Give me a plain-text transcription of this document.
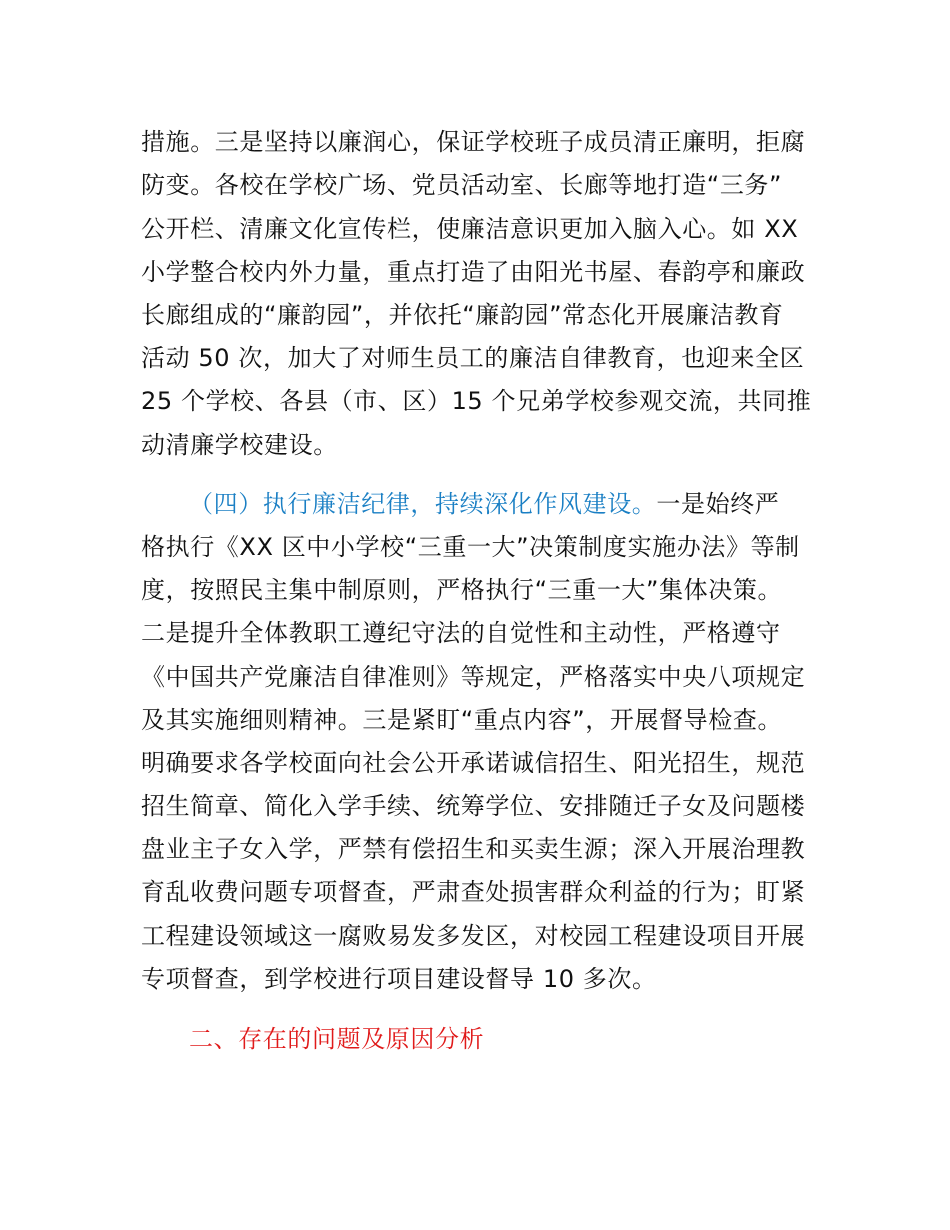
措施。三是坚持以廉润心，保证学校班子成员清正廉明，拒腐
防变。各校在学校广场、党员活动室、长廊等地打造“三务”
公开栏、清廉文化宣传栏，使廉洁意识更加入脑入心。如 XX
小学整合校内外力量，重点打造了由阳光书屋、春韵亭和廉政
长廊组成的“廉韵园”，并依托“廉韵园”常态化开展廉洁教育
活动 50 次，加大了对师生员工的廉洁自律教育，也迎来全区
25 个学校、各县（市、区）15 个兄弟学校参观交流，共同推
动清廉学校建设。
（四）执行廉洁纪律，持续深化作风建设。一是始终严
格执行《XX 区中小学校“三重一大”决策制度实施办法》等制
度，按照民主集中制原则，严格执行“三重一大”集体决策。
二是提升全体教职工遵纪守法的自觉性和主动性，严格遵守
《中国共产党廉洁自律准则》等规定，严格落实中央八项规定
及其实施细则精神。三是紧盯“重点内容”，开展督导检查。
明确要求各学校面向社会公开承诺诚信招生、阳光招生，规范
招生简章、简化入学手续、统筹学位、安排随迁子女及问题楼
盘业主子女入学，严禁有偿招生和买卖生源；深入开展治理教
育乱收费问题专项督查，严肃查处损害群众利益的行为；盯紧
工程建设领域这一腐败易发多发区，对校园工程建设项目开展
专项督查，到学校进行项目建设督导 10 多次。
二、存在的问题及原因分析
